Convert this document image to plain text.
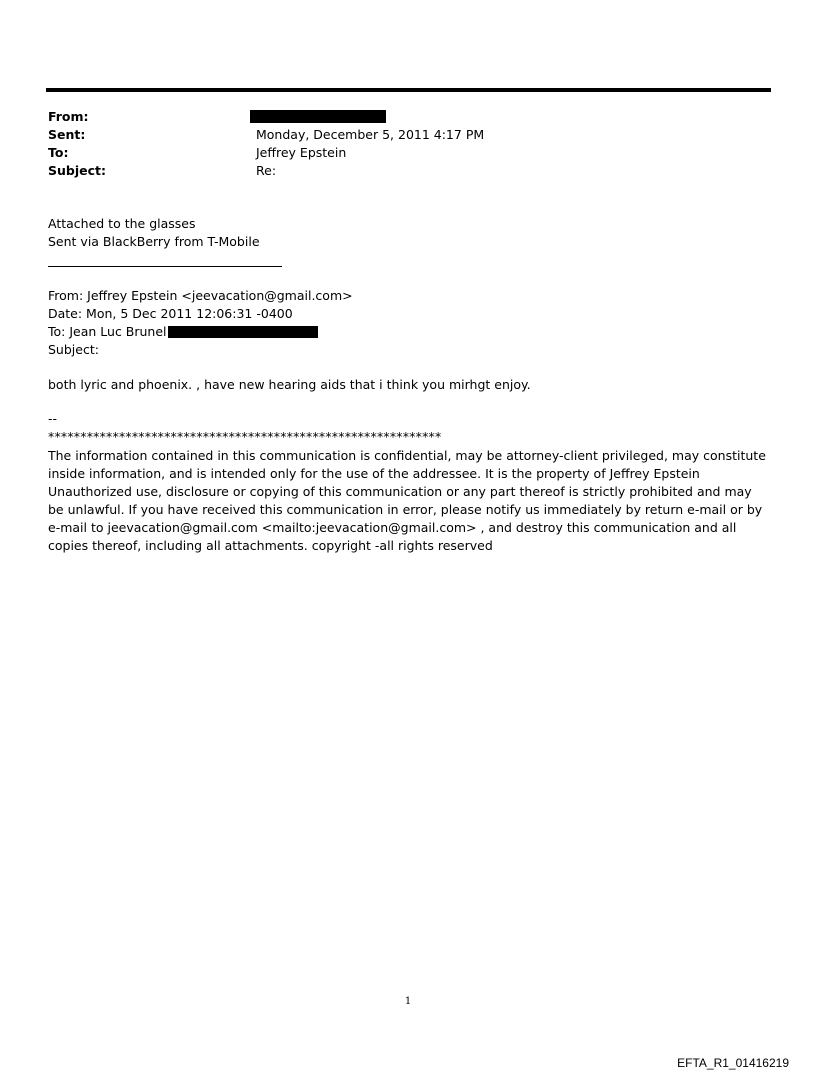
From:
Sent:	Monday, December 5, 2011 4:17 PM
To:	Jeffrey Epstein
Subject:	Re:
Attached to the glasses
Sent via BlackBerry from T-Mobile
From: Jeffrey Epstein <jeevacation@gmail.com>
Date: Mon, 5 Dec 2011 12:06:31 -0400
To: Jean Luc Brunel
Subject:
both lyric and phoenix. , have new hearing aids that i think you mirhgt enjoy.
--
*************************************************************
The information contained in this communication is confidential, may be attorney-client privileged, may constitute inside information, and is intended only for the use of the addressee. It is the property of Jeffrey Epstein Unauthorized use, disclosure or copying of this communication or any part thereof is strictly prohibited and may be unlawful. If you have received this communication in error, please notify us immediately by return e-mail or by e-mail to jeevacation@gmail.com <mailto:jeevacation@gmail.com> , and destroy this communication and all copies thereof, including all attachments. copyright -all rights reserved
1
EFTA_R1_01416219
